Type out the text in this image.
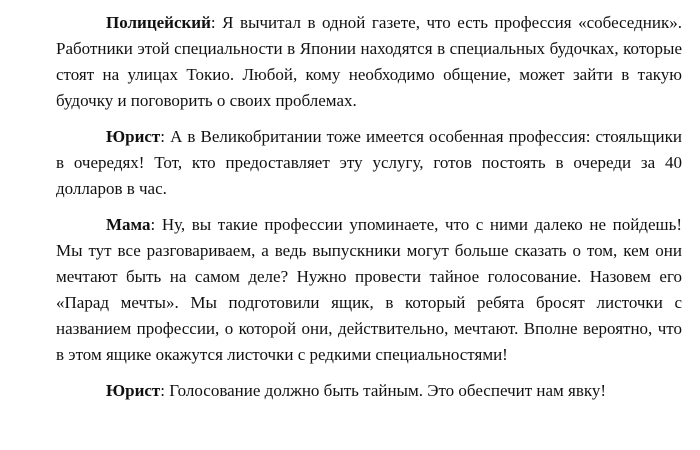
Полицейский: Я вычитал в одной газете, что есть профессия «собеседник». Работники этой специальности в Японии находятся в специальных будочках, которые стоят на улицах Токио. Любой, кому необходимо общение, может зайти в такую будочку и поговорить о своих проблемах.

Юрист: А в Великобритании тоже имеется особенная профессия: стояльщики в очередях! Тот, кто предоставляет эту услугу, готов постоять в очереди за 40 долларов в час.

Мама: Ну, вы такие профессии упоминаете, что с ними далеко не пойдешь! Мы тут все разговариваем, а ведь выпускники могут больше сказать о том, кем они мечтают быть на самом деле? Нужно провести тайное голосование. Назовем его «Парад мечты». Мы подготовили ящик, в который ребята бросят листочки с названием профессии, о которой они, действительно, мечтают. Вполне вероятно, что в этом ящике окажутся листочки с редкими специальностями!

Юрист: Голосование должно быть тайным. Это обеспечит нам явку!
